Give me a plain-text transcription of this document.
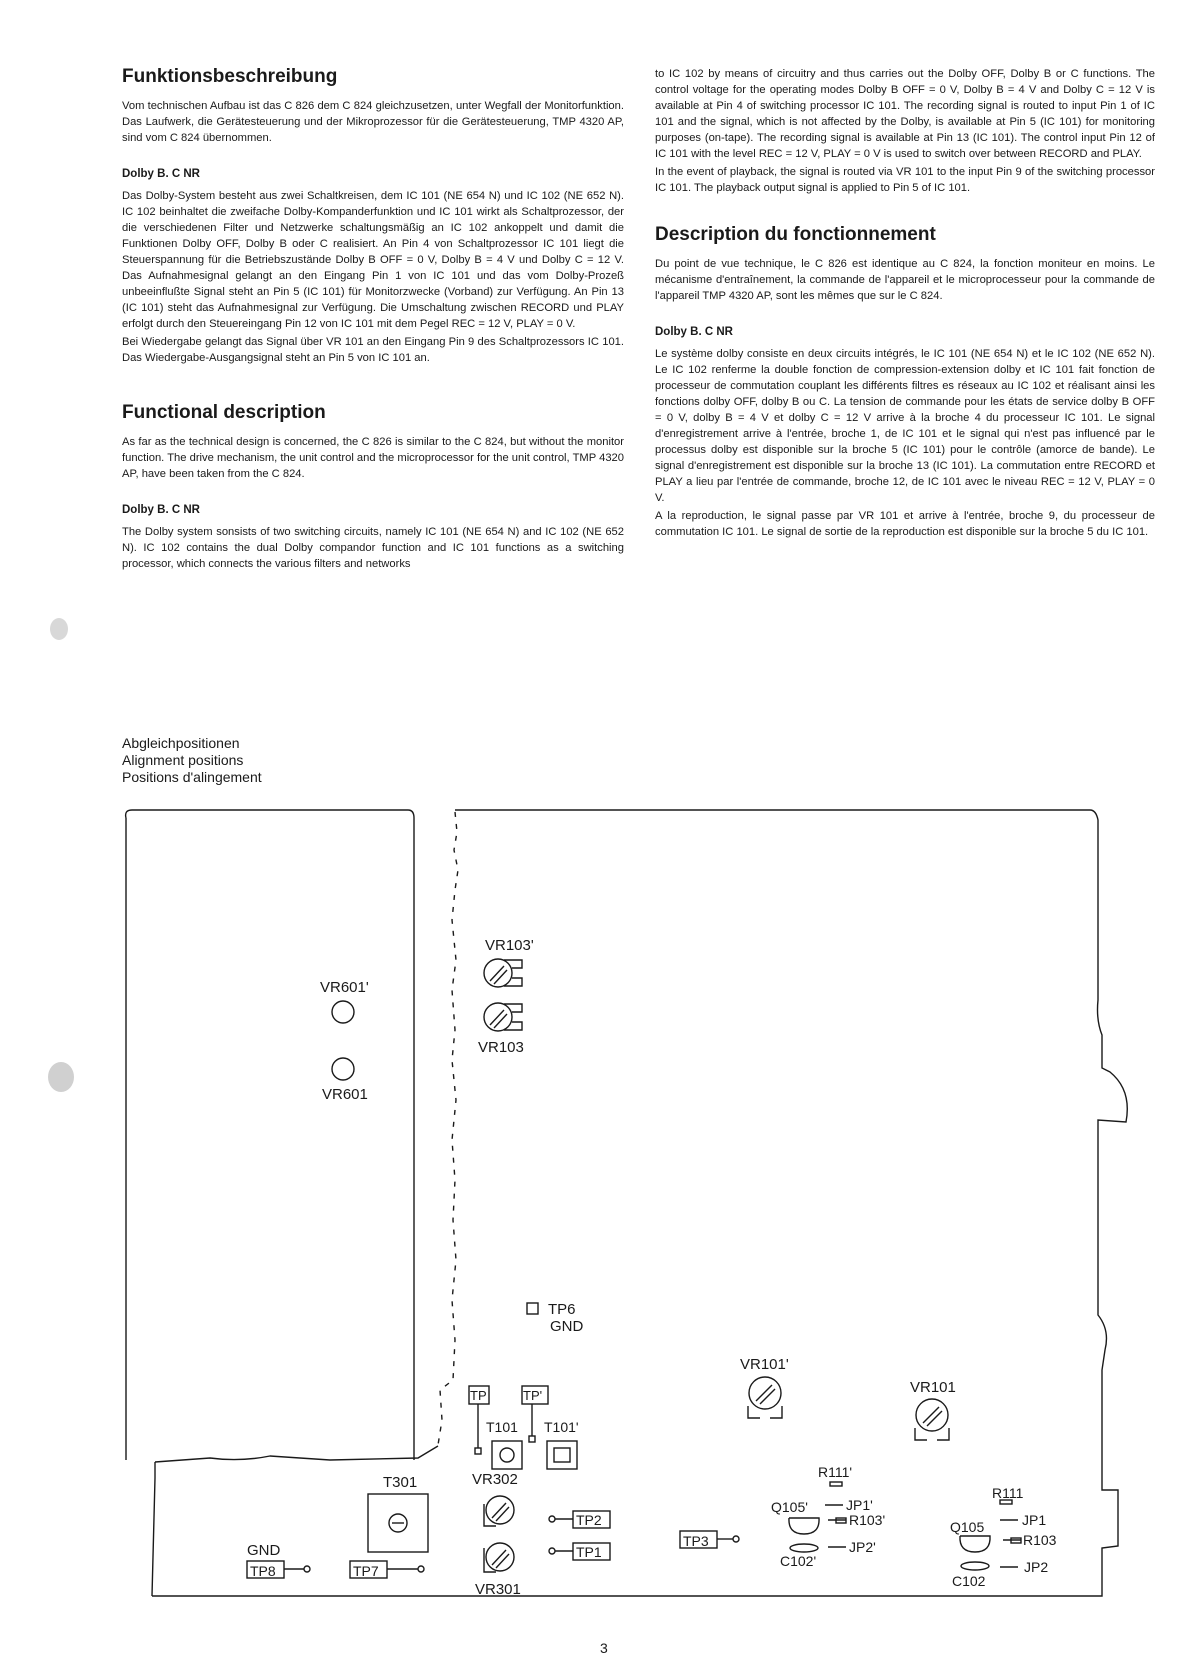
Funktionsbeschreibung

Vom technischen Aufbau ist das C 826 dem C 824 gleichzusetzen, unter Wegfall der Monitorfunktion. Das Laufwerk, die Gerätesteuerung und der Mikroprozessor für die Gerätesteuerung, TMP 4320 AP, sind vom C 824 übernommen.

Dolby B. C NR

Das Dolby-System besteht aus zwei Schaltkreisen, dem IC 101 (NE 654 N) und IC 102 (NE 652 N). IC 102 beinhaltet die zweifache Dolby-Kompanderfunktion und IC 101 wirkt als Schaltprozessor, der die verschiedenen Filter und Netzwerke schaltungsmäßig an IC 102 ankoppelt und damit die Funktionen Dolby OFF, Dolby B oder C realisiert. An Pin 4 von Schaltprozessor IC 101 liegt die Steuerspannung für die Betriebszustände Dolby B OFF = 0 V, Dolby B = 4 V und Dolby C = 12 V. Das Aufnahmesignal gelangt an den Eingang Pin 1 von IC 101 und das vom Dolby-Prozeß unbeeinflußte Signal steht an Pin 5 (IC 101) für Monitorzwecke (Vorband) zur Verfügung. An Pin 13 (IC 101) steht das Aufnahmesignal zur Verfügung. Die Umschaltung zwischen RECORD und PLAY erfolgt durch den Steuereingang Pin 12 von IC 101 mit dem Pegel REC = 12 V, PLAY = 0 V.

Bei Wiedergabe gelangt das Signal über VR 101 an den Eingang Pin 9 des Schaltprozessors IC 101. Das Wiedergabe-Ausgangsignal steht an Pin 5 von IC 101 an.

Functional description

As far as the technical design is concerned, the C 826 is similar to the C 824, but without the monitor function. The drive mechanism, the unit control and the microprocessor for the unit control, TMP 4320 AP, have been taken from the C 824.

Dolby B. C NR

The Dolby system sonsists of two switching circuits, namely IC 101 (NE 654 N) and IC 102 (NE 652 N). IC 102 contains the dual Dolby compandor function and IC 101 functions as a switching processor, which connects the various filters and networks

to IC 102 by means of circuitry and thus carries out the Dolby OFF, Dolby B or C functions. The control voltage for the operating modes Dolby B OFF = 0 V, Dolby B = 4 V and Dolby C = 12 V is available at Pin 4 of switching processor IC 101. The recording signal is routed to input Pin 1 of IC 101 and the signal, which is not affected by the Dolby, is available at Pin 5 (IC 101) for monitoring purposes (on-tape). The recording signal is available at Pin 13 (IC 101). The control input Pin 12 of IC 101 with the level REC = 12 V, PLAY = 0 V is used to switch over between RECORD and PLAY.

In the event of playback, the signal is routed via VR 101 to the input Pin 9 of the switching processor IC 101. The playback output signal is applied to Pin 5 of IC 101.

Description du fonctionnement

Du point de vue technique, le C 826 est identique au C 824, la fonction moniteur en moins. Le mécanisme d'entraînement, la commande de l'appareil et le microprocesseur pour la commande de l'appareil TMP 4320 AP, sont les mêmes que sur le C 824.

Dolby B. C NR

Le système dolby consiste en deux circuits intégrés, le IC 101 (NE 654 N) et le IC 102 (NE 652 N). Le IC 102 renferme la double fonction de compression-extension dolby et IC 101 fait fonction de processeur de commutation couplant les différents filtres es réseaux au IC 102 et réalisant ainsi les fonctions dolby OFF, dolby B ou C. La tension de commande pour les états de service dolby B OFF = 0 V, dolby B = 4 V et dolby C = 12 V arrive à la broche 4 du processeur IC 101. Le signal d'enregistrement arrive à l'entrée, broche 1, de IC 101 et le signal qui n'est pas influencé par le processus dolby est disponible sur la broche 5 (IC 101) pour le contrôle (amorce de bande). Le signal d'enregistrement est disponible sur la broche 13 (IC 101). La commutation entre RECORD et PLAY a lieu par l'entrée de commande, broche 12, de IC 101 avec le niveau REC = 12 V, PLAY = 0 V.

A la reproduction, le signal passe par VR 101 et arrive à l'entrée, broche 9, du processeur de commutation IC 101. Le signal de sortie de la reproduction est disponible sur la broche 5 du IC 101.

Abgleichpositionen
Alignment positions
Positions d'alingement
VR601'
VR601
VR103'
VR103
TP6
GND
TP	TP'
T101 T101'
T301	VR302
VR301
TP2
TP1
GND
TP8	TP7
TP3
VR101'
VR101
R111'
Q105'	JP1'
R103'
JP2'
C102'
R111
Q105	JP1
R103
JP2
C102
3
